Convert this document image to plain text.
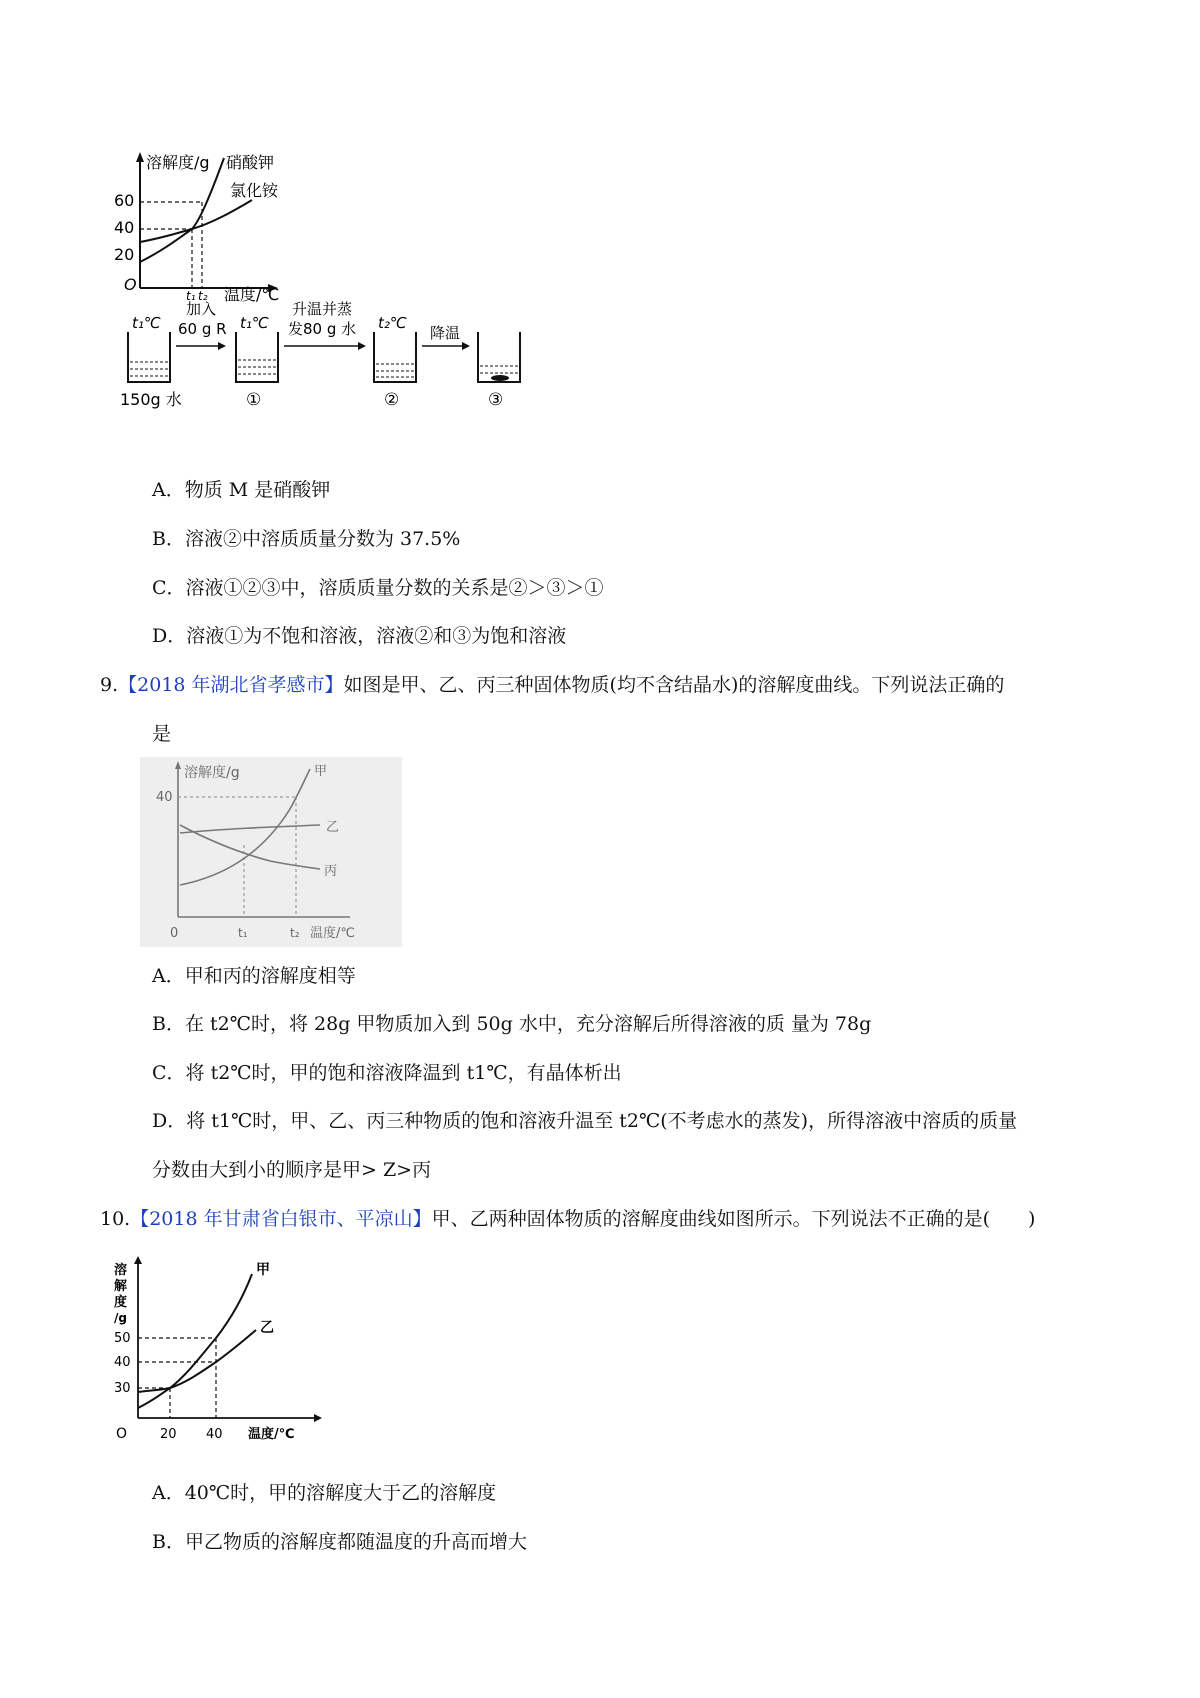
60
40
20
O
溶解度/g 硝酸钾
氯化铵
t₁ t₂ 温度/℃
t₁℃
150g 水
加入
60 g R t₁℃
①
升温并蒸
发80 g 水 t₂℃
②
降温
③
A．物质 M 是硝酸钾
B．溶液②中溶质质量分数为 37.5%
C．溶液①②③中，溶质质量分数的关系是②＞③＞①
D．溶液①为不饱和溶液，溶液②和③为饱和溶液
9.【2018 年湖北省孝感市】如图是甲、乙、丙三种固体物质(均不含结晶水)的溶解度曲线。下列说法正确的
是
溶解度/g
40
0	t₁	t₂ 温度/℃
甲
乙
丙
A．甲和丙的溶解度相等
B．在 t2℃时，将 28g 甲物质加入到 50g 水中，充分溶解后所得溶液的质 量为 78g
C．将 t2℃时，甲的饱和溶液降温到 t1℃，有晶体析出
D．将 t1℃时，甲、乙、丙三种物质的饱和溶液升温至 t2℃(不考虑水的蒸发)，所得溶液中溶质的质量
分数由大到小的顺序是甲> Z>丙
10.【2018 年甘肃省白银市、平凉山】甲、乙两种固体物质的溶解度曲线如图所示。下列说法不正确的是(　　)
溶
解
度
/g
50
40
30
O	20 40 温度/℃
甲
乙
A．40℃时，甲的溶解度大于乙的溶解度
B．甲乙物质的溶解度都随温度的升高而增大
